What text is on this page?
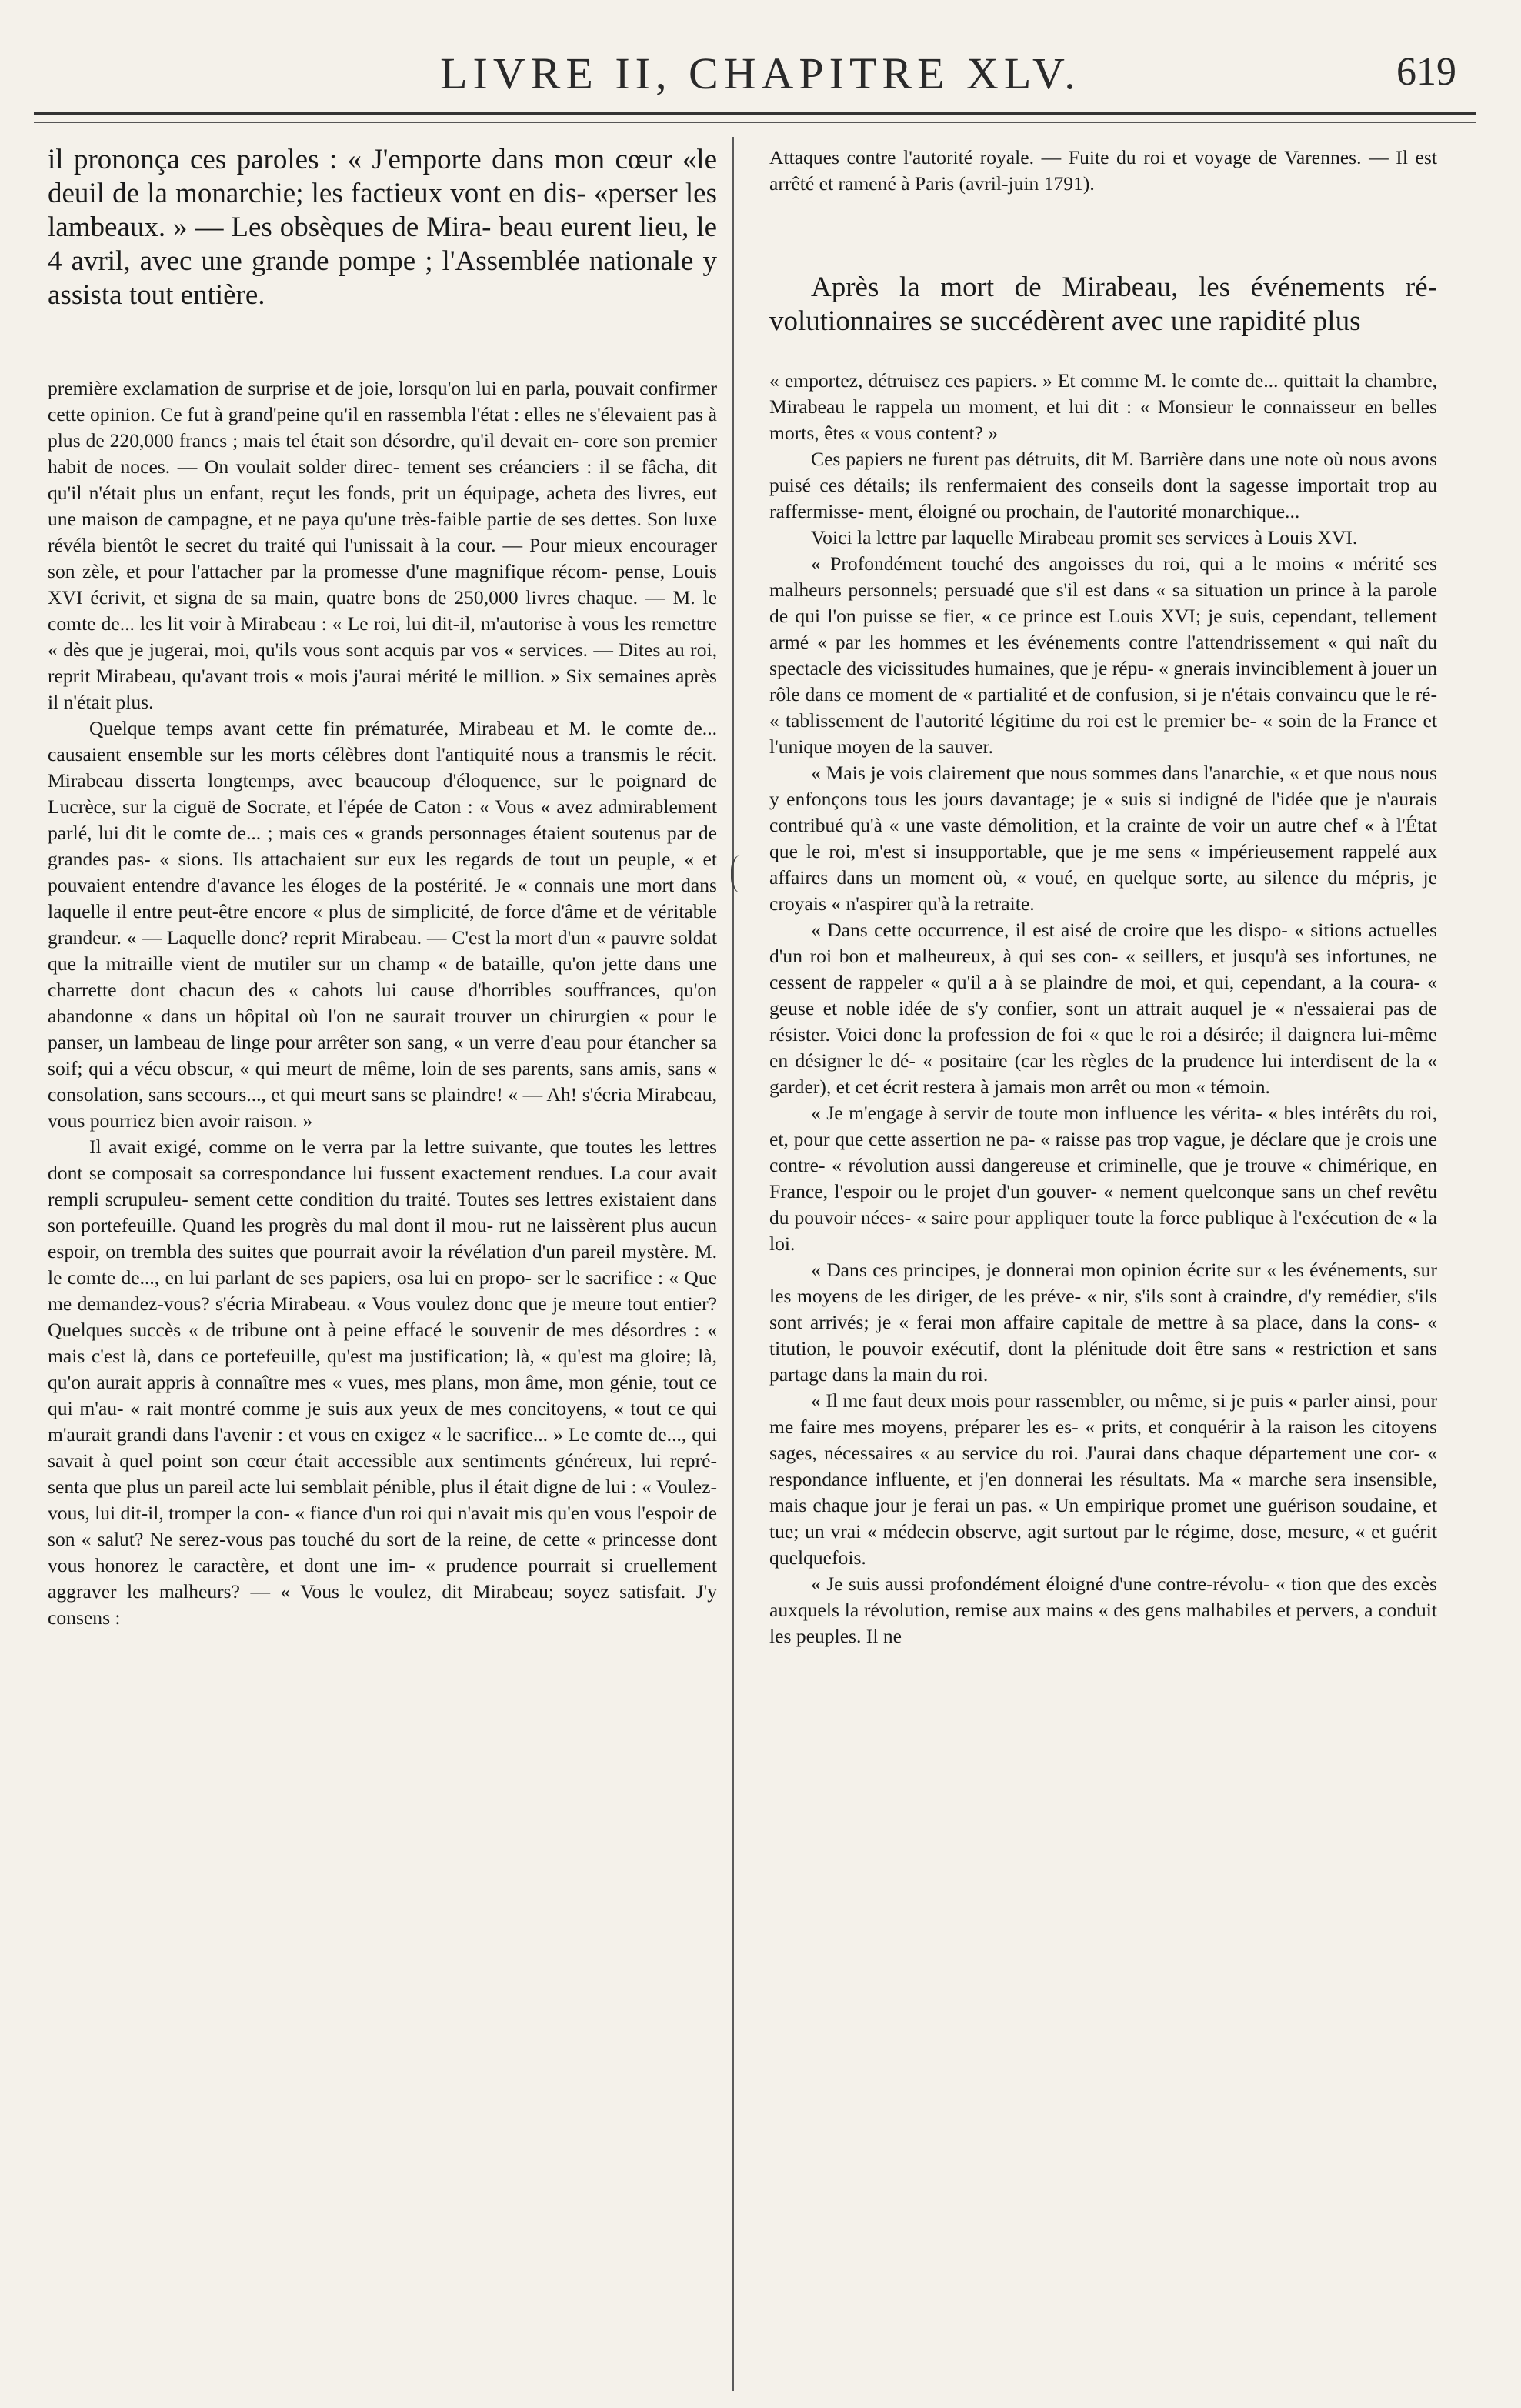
LIVRE II, CHAPITRE XLV.	619

il prononça ces paroles : « J'emporte dans mon cœur «le deuil de la monarchie; les factieux vont en dis- «perser les lambeaux. » — Les obsèques de Mira- beau eurent lieu, le 4 avril, avec une grande pompe ; l'Assemblée nationale y assista tout entière.

première exclamation de surprise et de joie, lorsqu'on lui en parla, pouvait confirmer cette opinion. Ce fut à grand'peine qu'il en rassembla l'état : elles ne s'élevaient pas à plus de 220,000 francs ; mais tel était son désordre, qu'il devait en- core son premier habit de noces. — On voulait solder direc- tement ses créanciers : il se fâcha, dit qu'il n'était plus un enfant, reçut les fonds, prit un équipage, acheta des livres, eut une maison de campagne, et ne paya qu'une très-faible partie de ses dettes. Son luxe révéla bientôt le secret du traité qui l'unissait à la cour. — Pour mieux encourager son zèle, et pour l'attacher par la promesse d'une magnifique récom- pense, Louis XVI écrivit, et signa de sa main, quatre bons de 250,000 livres chaque. — M. le comte de... les lit voir à Mirabeau : « Le roi, lui dit-il, m'autorise à vous les remettre « dès que je jugerai, moi, qu'ils vous sont acquis par vos « services. — Dites au roi, reprit Mirabeau, qu'avant trois « mois j'aurai mérité le million. » Six semaines après il n'était plus.

Quelque temps avant cette fin prématurée, Mirabeau et M. le comte de... causaient ensemble sur les morts célèbres dont l'antiquité nous a transmis le récit. Mirabeau disserta longtemps, avec beaucoup d'éloquence, sur le poignard de Lucrèce, sur la ciguë de Socrate, et l'épée de Caton : « Vous « avez admirablement parlé, lui dit le comte de... ; mais ces « grands personnages étaient soutenus par de grandes pas- « sions. Ils attachaient sur eux les regards de tout un peuple, « et pouvaient entendre d'avance les éloges de la postérité. Je « connais une mort dans laquelle il entre peut-être encore « plus de simplicité, de force d'âme et de véritable grandeur. « — Laquelle donc? reprit Mirabeau. — C'est la mort d'un « pauvre soldat que la mitraille vient de mutiler sur un champ « de bataille, qu'on jette dans une charrette dont chacun des « cahots lui cause d'horribles souffrances, qu'on abandonne « dans un hôpital où l'on ne saurait trouver un chirurgien « pour le panser, un lambeau de linge pour arrêter son sang, « un verre d'eau pour étancher sa soif; qui a vécu obscur, « qui meurt de même, loin de ses parents, sans amis, sans « consolation, sans secours..., et qui meurt sans se plaindre! « — Ah! s'écria Mirabeau, vous pourriez bien avoir raison. »

Il avait exigé, comme on le verra par la lettre suivante, que toutes les lettres dont se composait sa correspondance lui fussent exactement rendues. La cour avait rempli scrupuleu- sement cette condition du traité. Toutes ses lettres existaient dans son portefeuille. Quand les progrès du mal dont il mou- rut ne laissèrent plus aucun espoir, on trembla des suites que pourrait avoir la révélation d'un pareil mystère. M. le comte de..., en lui parlant de ses papiers, osa lui en propo- ser le sacrifice : « Que me demandez-vous? s'écria Mirabeau. « Vous voulez donc que je meure tout entier? Quelques succès « de tribune ont à peine effacé le souvenir de mes désordres : « mais c'est là, dans ce portefeuille, qu'est ma justification; là, « qu'est ma gloire; là, qu'on aurait appris à connaître mes « vues, mes plans, mon âme, mon génie, tout ce qui m'au- « rait montré comme je suis aux yeux de mes concitoyens, « tout ce qui m'aurait grandi dans l'avenir : et vous en exigez « le sacrifice... » Le comte de..., qui savait à quel point son cœur était accessible aux sentiments généreux, lui repré- senta que plus un pareil acte lui semblait pénible, plus il était digne de lui : « Voulez-vous, lui dit-il, tromper la con- « fiance d'un roi qui n'avait mis qu'en vous l'espoir de son « salut? Ne serez-vous pas touché du sort de la reine, de cette « princesse dont vous honorez le caractère, et dont une im- « prudence pourrait si cruellement aggraver les malheurs? — « Vous le voulez, dit Mirabeau; soyez satisfait. J'y consens :

Attaques contre l'autorité royale. — Fuite du roi et voyage de Varennes. — Il est arrêté et ramené à Paris (avril-juin 1791).

Après la mort de Mirabeau, les événements ré- volutionnaires se succédèrent avec une rapidité plus

« emportez, détruisez ces papiers. » Et comme M. le comte de... quittait la chambre, Mirabeau le rappela un moment, et lui dit : « Monsieur le connaisseur en belles morts, êtes « vous content? »

Ces papiers ne furent pas détruits, dit M. Barrière dans une note où nous avons puisé ces détails; ils renfermaient des conseils dont la sagesse importait trop au raffermisse- ment, éloigné ou prochain, de l'autorité monarchique...

Voici la lettre par laquelle Mirabeau promit ses services à Louis XVI.

« Profondément touché des angoisses du roi, qui a le moins « mérité ses malheurs personnels; persuadé que s'il est dans « sa situation un prince à la parole de qui l'on puisse se fier, « ce prince est Louis XVI; je suis, cependant, tellement armé « par les hommes et les événements contre l'attendrissement « qui naît du spectacle des vicissitudes humaines, que je répu- « gnerais invinciblement à jouer un rôle dans ce moment de « partialité et de confusion, si je n'étais convaincu que le ré- « tablissement de l'autorité légitime du roi est le premier be- « soin de la France et l'unique moyen de la sauver.

« Mais je vois clairement que nous sommes dans l'anarchie, « et que nous nous y enfonçons tous les jours davantage; je « suis si indigné de l'idée que je n'aurais contribué qu'à « une vaste démolition, et la crainte de voir un autre chef « à l'État que le roi, m'est si insupportable, que je me sens « impérieusement rappelé aux affaires dans un moment où, « voué, en quelque sorte, au silence du mépris, je croyais « n'aspirer qu'à la retraite.

« Dans cette occurrence, il est aisé de croire que les dispo- « sitions actuelles d'un roi bon et malheureux, à qui ses con- « seillers, et jusqu'à ses infortunes, ne cessent de rappeler « qu'il a à se plaindre de moi, et qui, cependant, a la coura- « geuse et noble idée de s'y confier, sont un attrait auquel je « n'essaierai pas de résister. Voici donc la profession de foi « que le roi a désirée; il daignera lui-même en désigner le dé- « positaire (car les règles de la prudence lui interdisent de la « garder), et cet écrit restera à jamais mon arrêt ou mon « témoin.

« Je m'engage à servir de toute mon influence les vérita- « bles intérêts du roi, et, pour que cette assertion ne pa- « raisse pas trop vague, je déclare que je crois une contre- « révolution aussi dangereuse et criminelle, que je trouve « chimérique, en France, l'espoir ou le projet d'un gouver- « nement quelconque sans un chef revêtu du pouvoir néces- « saire pour appliquer toute la force publique à l'exécution de « la loi.

« Dans ces principes, je donnerai mon opinion écrite sur « les événements, sur les moyens de les diriger, de les préve- « nir, s'ils sont à craindre, d'y remédier, s'ils sont arrivés; je « ferai mon affaire capitale de mettre à sa place, dans la cons- « titution, le pouvoir exécutif, dont la plénitude doit être sans « restriction et sans partage dans la main du roi.

« Il me faut deux mois pour rassembler, ou même, si je puis « parler ainsi, pour me faire mes moyens, préparer les es- « prits, et conquérir à la raison les citoyens sages, nécessaires « au service du roi. J'aurai dans chaque département une cor- « respondance influente, et j'en donnerai les résultats. Ma « marche sera insensible, mais chaque jour je ferai un pas. « Un empirique promet une guérison soudaine, et tue; un vrai « médecin observe, agit surtout par le régime, dose, mesure, « et guérit quelquefois.

« Je suis aussi profondément éloigné d'une contre-révolu- « tion que des excès auxquels la révolution, remise aux mains « des gens malhabiles et pervers, a conduit les peuples. Il ne
